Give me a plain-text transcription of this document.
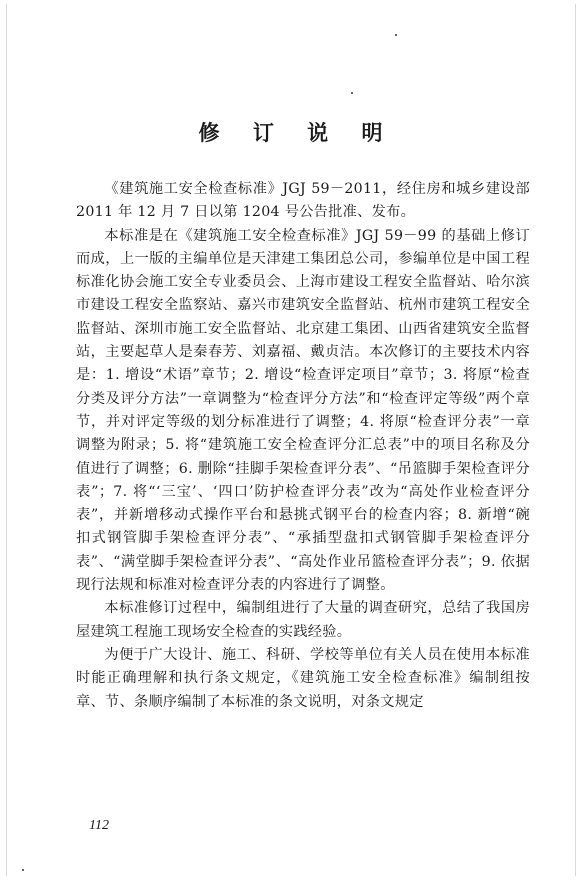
修 订 说 明

《建筑施工安全检查标准》JGJ 59－2011，经住房和城乡建设部 2011 年 12 月 7 日以第 1204 号公告批准、发布。

本标准是在《建筑施工安全检查标准》JGJ 59－99 的基础上修订而成，上一版的主编单位是天津建工集团总公司，参编单位是中国工程标准化协会施工安全专业委员会、上海市建设工程安全监督站、哈尔滨市建设工程安全监察站、嘉兴市建筑安全监督站、杭州市建筑工程安全监督站、深圳市施工安全监督站、北京建工集团、山西省建筑安全监督站，主要起草人是秦春芳、刘嘉福、戴贞洁。本次修订的主要技术内容是：1. 增设“术语”章节；2. 增设“检查评定项目”章节；3. 将原“检查分类及评分方法”一章调整为“检查评分方法”和“检查评定等级”两个章节，并对评定等级的划分标准进行了调整；4. 将原“检查评分表”一章调整为附录；5. 将“建筑施工安全检查评分汇总表”中的项目名称及分值进行了调整；6. 删除“挂脚手架检查评分表”、“吊篮脚手架检查评分表”；7. 将“‘三宝’、‘四口’防护检查评分表”改为“高处作业检查评分表”，并新增移动式操作平台和悬挑式钢平台的检查内容；8. 新增“碗扣式钢管脚手架检查评分表”、“承插型盘扣式钢管脚手架检查评分表”、“满堂脚手架检查评分表”、“高处作业吊篮检查评分表”；9. 依据现行法规和标准对检查评分表的内容进行了调整。

本标准修订过程中，编制组进行了大量的调查研究，总结了我国房屋建筑工程施工现场安全检查的实践经验。

为便于广大设计、施工、科研、学校等单位有关人员在使用本标准时能正确理解和执行条文规定，《建筑施工安全检查标准》编制组按章、节、条顺序编制了本标准的条文说明，对条文规定

112
